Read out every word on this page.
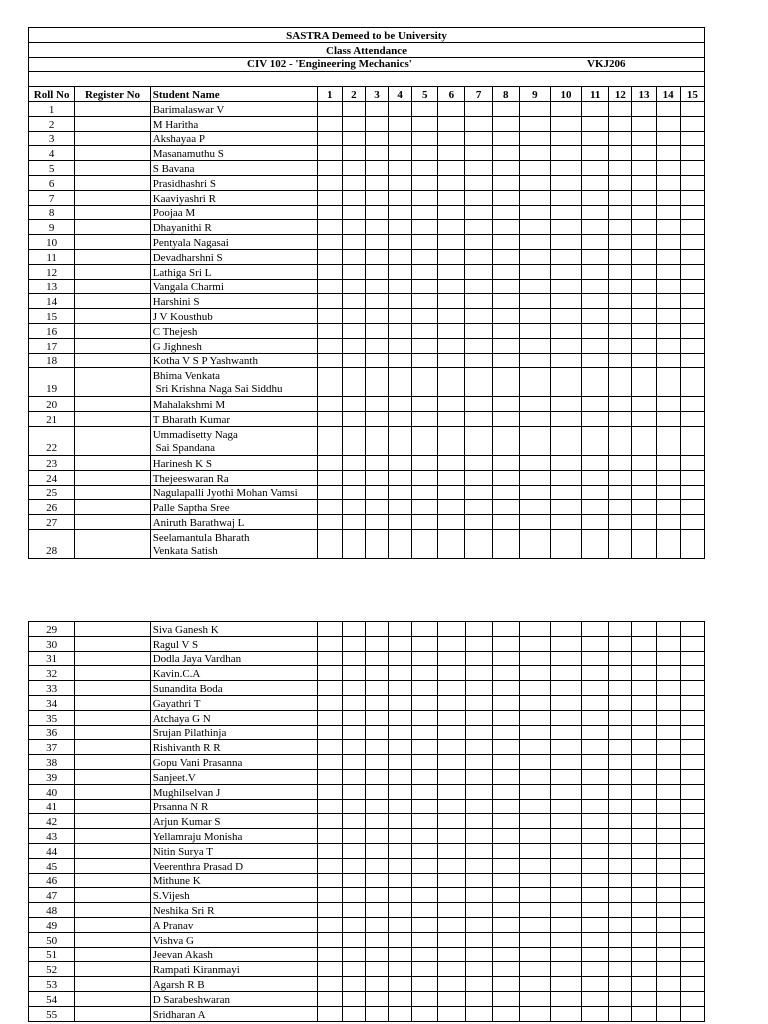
SASTRA Demeed to be University																	
Class Attendance																	

CIV 102 - 'Engineering Mechanics' VKJ206																	

Roll No	Register No	Student Name	1	2	3	4	5	6	7	8	9	10	11	12	13	14	15
1		Barimalaswar V															
2		M Haritha															
3		Akshayaa P															
4		Masanamuthu S															
5		S Bavana															
6		Prasidhashri S															
7		Kaaviyashri R															
8		Poojaa M															
9		Dhayanithi R															
10		Pentyala Nagasai															
11		Devadharshni S															
12		Lathiga Sri L															
13		Vangala Charmi															
14		Harshini S															
15		J V Kousthub															
16		C Thejesh															
17		G Jighnesh															
18		Kotha V S P Yashwanth															
19		Bhima Venkata
Sri Krishna Naga Sai Siddhu															

20		Mahalakshmi M															
21		T Bharath Kumar															
22		Ummadisetty Naga
Sai Spandana															

23		Harinesh K S															
24		Thejeeswaran Ra															
25		Nagulapalli Jyothi Mohan Vamsi															
26		Palle Saptha Sree															
27		Aniruth Barathwaj L															
28		Seelamantula Bharath
Venkata Satish															

29		Siva Ganesh K															
30		Ragul V S															
31		Dodla Jaya Vardhan															
32		Kavin.C.A															
33		Sunandita Boda															
34		Gayathri T															
35		Atchaya G N															
36		Srujan Pilathinja															
37		Rishivanth R R															
38		Gopu Vani Prasanna															
39		Sanjeet.V															
40		Mughilselvan J															
41		Prsanna N R															
42		Arjun Kumar S															
43		Yellamraju Monisha															
44		Nitin Surya T															
45		Veerenthra Prasad D															
46		Mithune K															
47		S.Vijesh															
48		Neshika Sri R															
49		A Pranav															
50		Vishva G															
51		Jeevan Akash															
52		Rampati Kiranmayi															
53		Agarsh R B															
54		D Sarabeshwaran															
55		Sridharan A															
